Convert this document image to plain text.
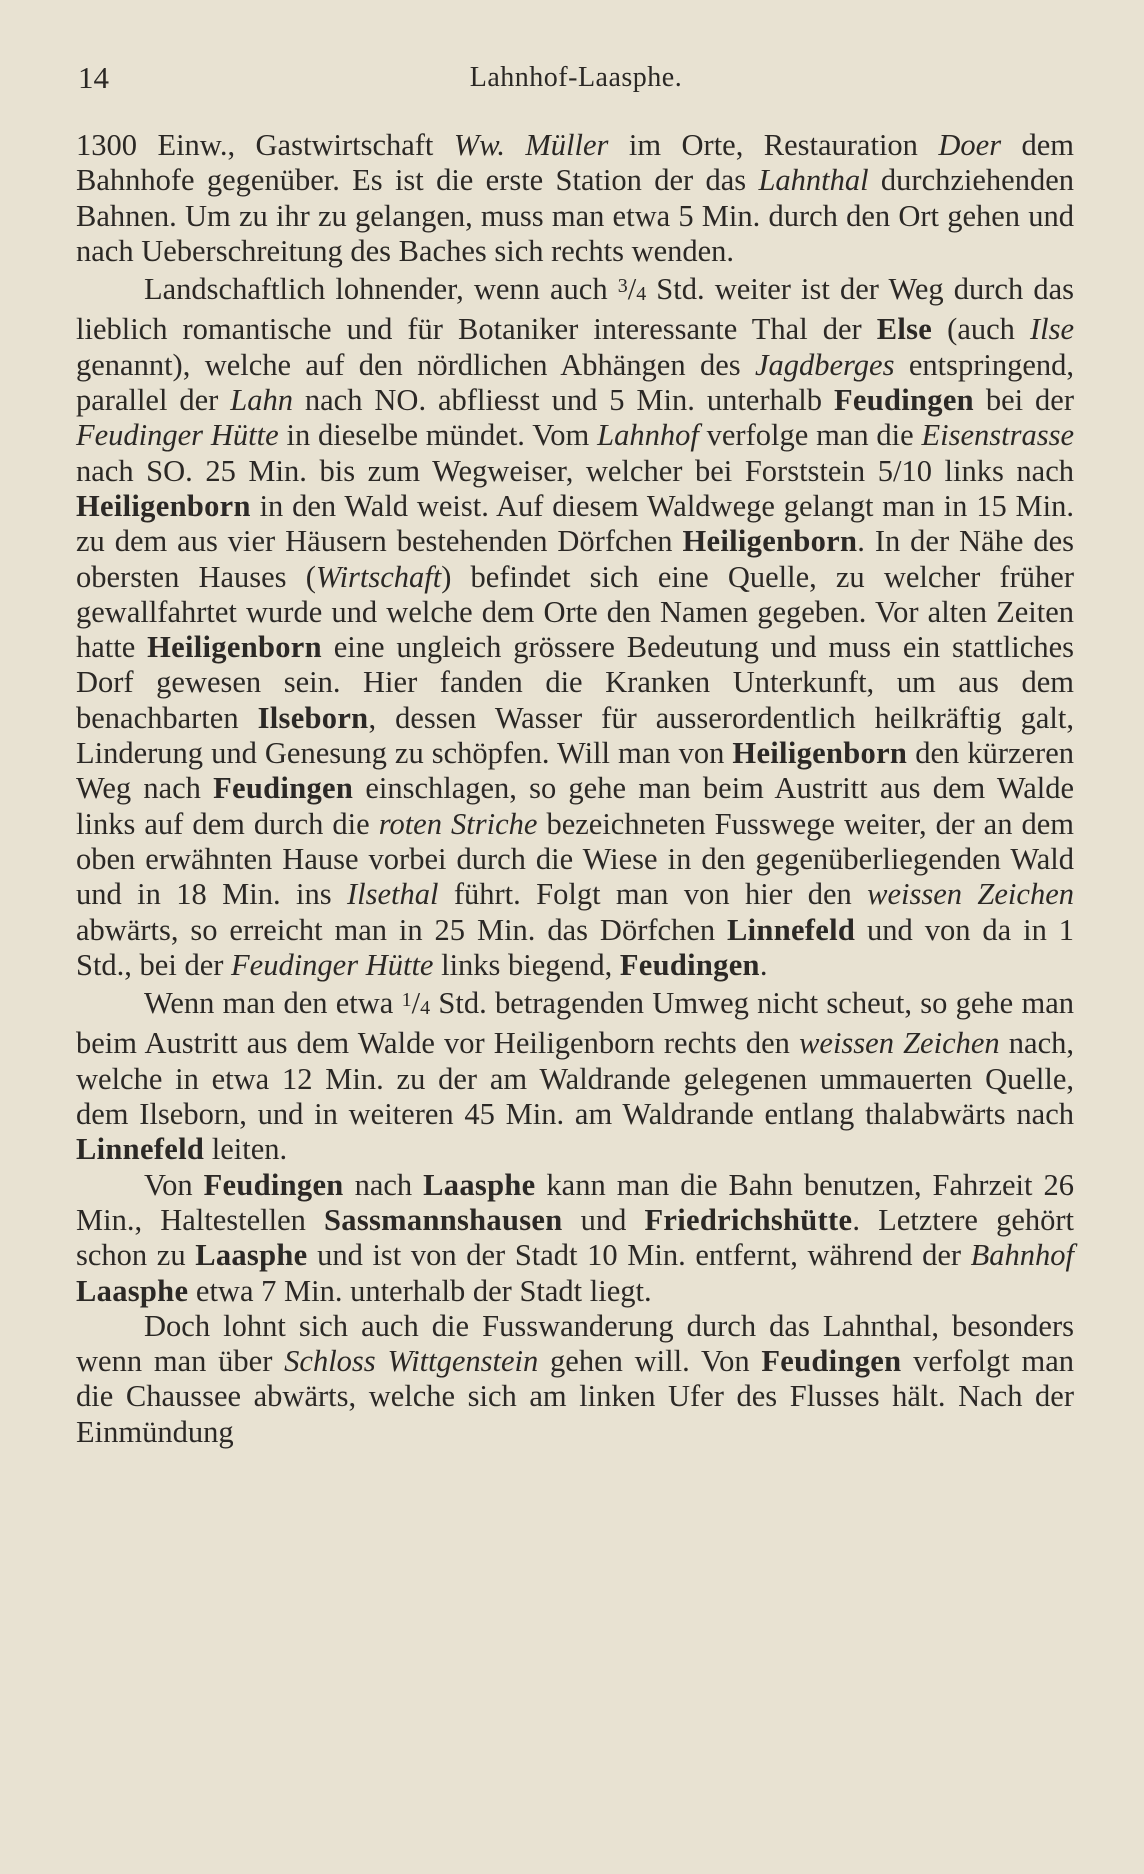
14	Lahnhof-Laasphe.

1300 Einw., Gastwirtschaft Ww. Müller im Orte, Restauration Doer dem Bahnhofe gegenüber. Es ist die erste Station der das Lahnthal durchziehenden Bahnen. Um zu ihr zu gelangen, muss man etwa 5 Min. durch den Ort gehen und nach Ueberschreitung des Baches sich rechts wenden.

Landschaftlich lohnender, wenn auch $^3$/4 Std. weiter ist der Weg durch das lieblich romantische und für Botaniker interessante Thal der Else (auch Ilse genannt), welche auf den nördlichen Abhängen des Jagdberges entspringend, parallel der Lahn nach NO. abfliesst und 5 Min. unterhalb Feudingen bei der Feudinger Hütte in dieselbe mündet. Vom Lahnhof verfolge man die Eisenstrasse nach SO. 25 Min. bis zum Wegweiser, welcher bei Forststein 5/10 links nach Heiligenborn in den Wald weist. Auf diesem Waldwege gelangt man in 15 Min. zu dem aus vier Häusern bestehenden Dörfchen Heiligenborn. In der Nähe des obersten Hauses (Wirtschaft) befindet sich eine Quelle, zu welcher früher gewallfahrtet wurde und welche dem Orte den Namen gegeben. Vor alten Zeiten hatte Heiligenborn eine ungleich grössere Bedeutung und muss ein stattliches Dorf gewesen sein. Hier fanden die Kranken Unterkunft, um aus dem benachbarten Ilseborn, dessen Wasser für ausserordentlich heilkräftig galt, Linderung und Genesung zu schöpfen. Will man von Heiligenborn den kürzeren Weg nach Feudingen einschlagen, so gehe man beim Austritt aus dem Walde links auf dem durch die roten Striche bezeichneten Fusswege weiter, der an dem oben erwähnten Hause vorbei durch die Wiese in den gegenüberliegenden Wald und in 18 Min. ins Ilsethal führt. Folgt man von hier den weissen Zeichen abwärts, so erreicht man in 25 Min. das Dörfchen Linnefeld und von da in 1 Std., bei der Feudinger Hütte links biegend, Feudingen.

Wenn man den etwa $^1$/4 Std. betragenden Umweg nicht scheut, so gehe man beim Austritt aus dem Walde vor Heiligenborn rechts den weissen Zeichen nach, welche in etwa 12 Min. zu der am Waldrande gelegenen ummauerten Quelle, dem Ilseborn, und in weiteren 45 Min. am Waldrande entlang thalabwärts nach Linnefeld leiten.

Von Feudingen nach Laasphe kann man die Bahn benutzen, Fahrzeit 26 Min., Haltestellen Sassmannshausen und Friedrichshütte. Letztere gehört schon zu Laasphe und ist von der Stadt 10 Min. entfernt, während der Bahnhof Laasphe etwa 7 Min. unterhalb der Stadt liegt.

Doch lohnt sich auch die Fusswanderung durch das Lahnthal, besonders wenn man über Schloss Wittgenstein gehen will. Von Feudingen verfolgt man die Chaussee abwärts, welche sich am linken Ufer des Flusses hält. Nach der Einmündung
